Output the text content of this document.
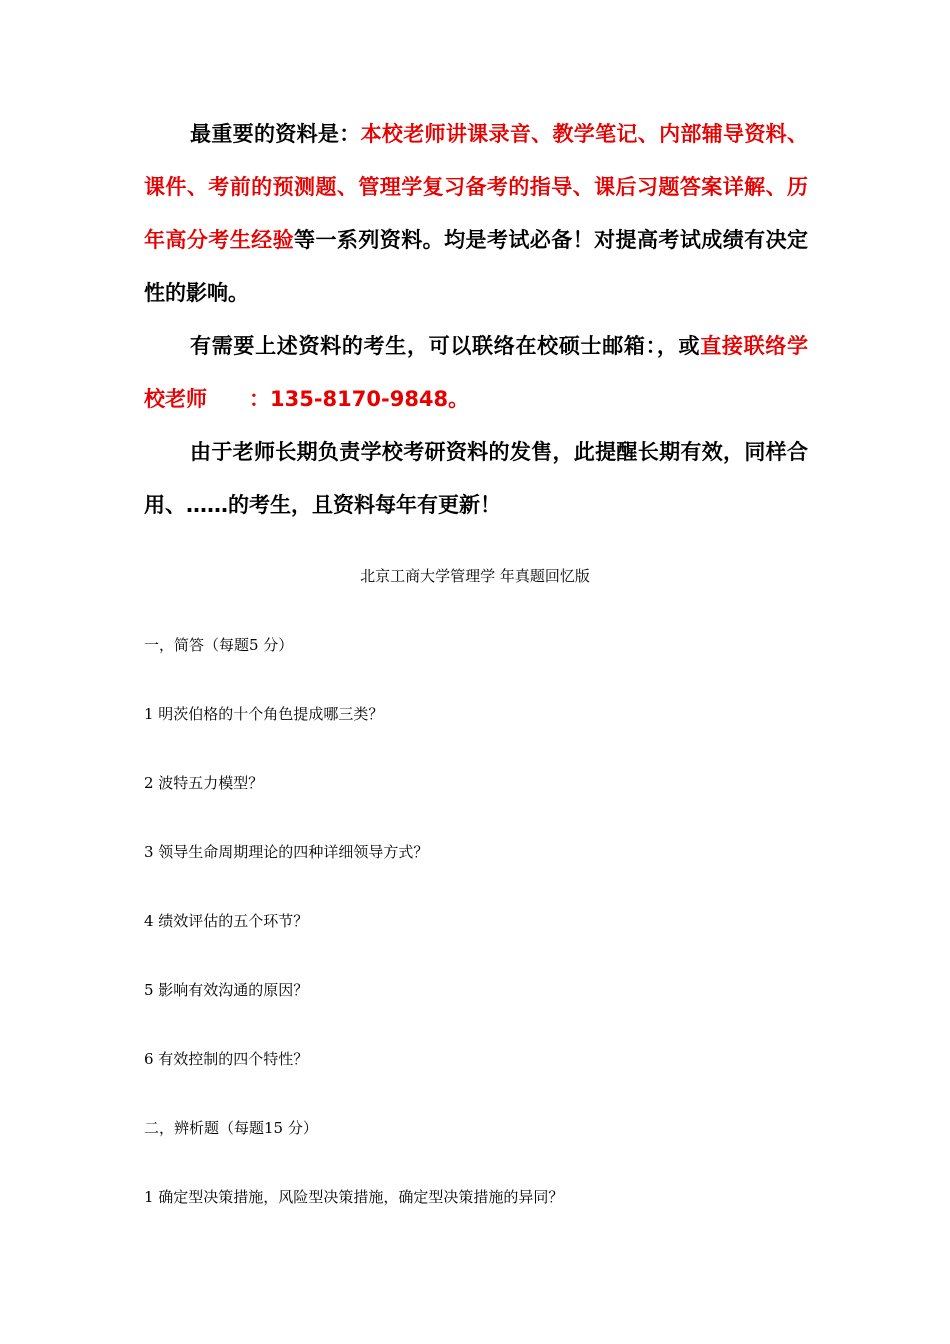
最重要的资料是：本校老师讲课录音、教学笔记、内部辅导资料、课件、考前的预测题、管理学复习备考的指导、课后习题答案详解、历年高分考生经验等一系列资料。均是考试必备！对提高考试成绩有决定性的影响。

有需要上述资料的考生，可以联络在校硕士邮箱：，或直接联络学校老师　　：135-8170-9848。

由于老师长期负责学校考研资料的发售，此提醒长期有效，同样合用、……的考生，且资料每年有更新！

北京工商大学管理学 年真题回忆版
一，简答（每题5 分）
1 明茨伯格的十个角色提成哪三类？
2 波特五力模型？
3 领导生命周期理论的四种详细领导方式？
4 绩效评估的五个环节？
5 影响有效沟通的原因？
6 有效控制的四个特性？
二，辨析题（每题15 分）
1 确定型决策措施，风险型决策措施，确定型决策措施的异同？
